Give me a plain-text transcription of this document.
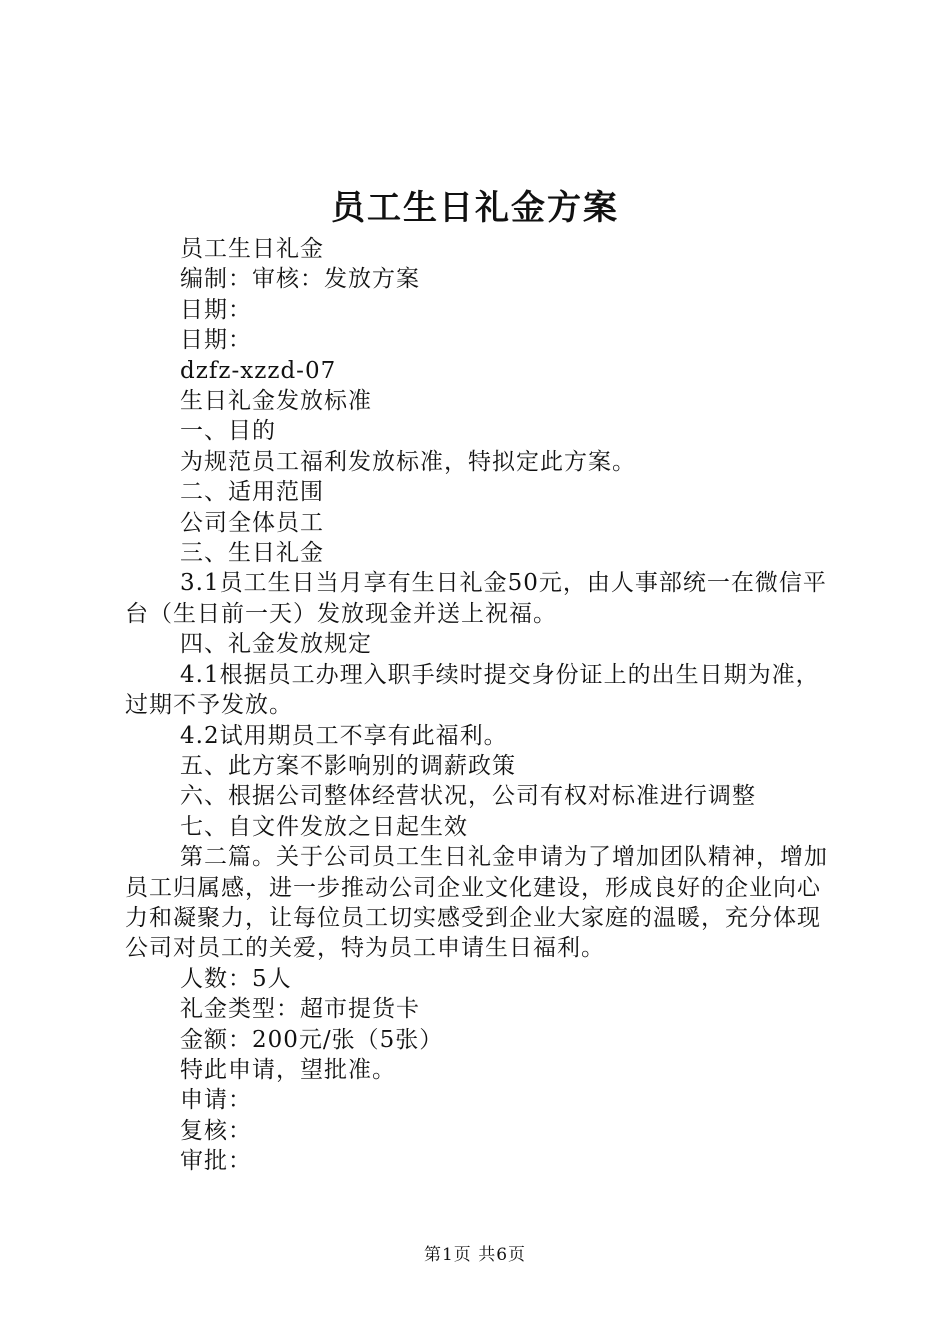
员工生日礼金方案

员工生日礼金

编制：审核：发放方案

日期：

日期：

dzfz-xzzd-07

生日礼金发放标准

一、目的

为规范员工福利发放标准，特拟定此方案。

二、适用范围

公司全体员工

三、生日礼金

3.1员工生日当月享有生日礼金50元，由人事部统一在微信平台（生日前一天）发放现金并送上祝福。

四、礼金发放规定

4.1根据员工办理入职手续时提交身份证上的出生日期为准，过期不予发放。

4.2试用期员工不享有此福利。

五、此方案不影响别的调薪政策

六、根据公司整体经营状况，公司有权对标准进行调整

七、自文件发放之日起生效

第二篇。关于公司员工生日礼金申请为了增加团队精神，增加员工归属感，进一步推动公司企业文化建设，形成良好的企业向心力和凝聚力，让每位员工切实感受到企业大家庭的温暖，充分体现公司对员工的关爱，特为员工申请生日福利。

人数：5人

礼金类型：超市提货卡

金额：200元/张（5张）

特此申请，望批准。

申请：

复核：

审批：

第1页 共6页
